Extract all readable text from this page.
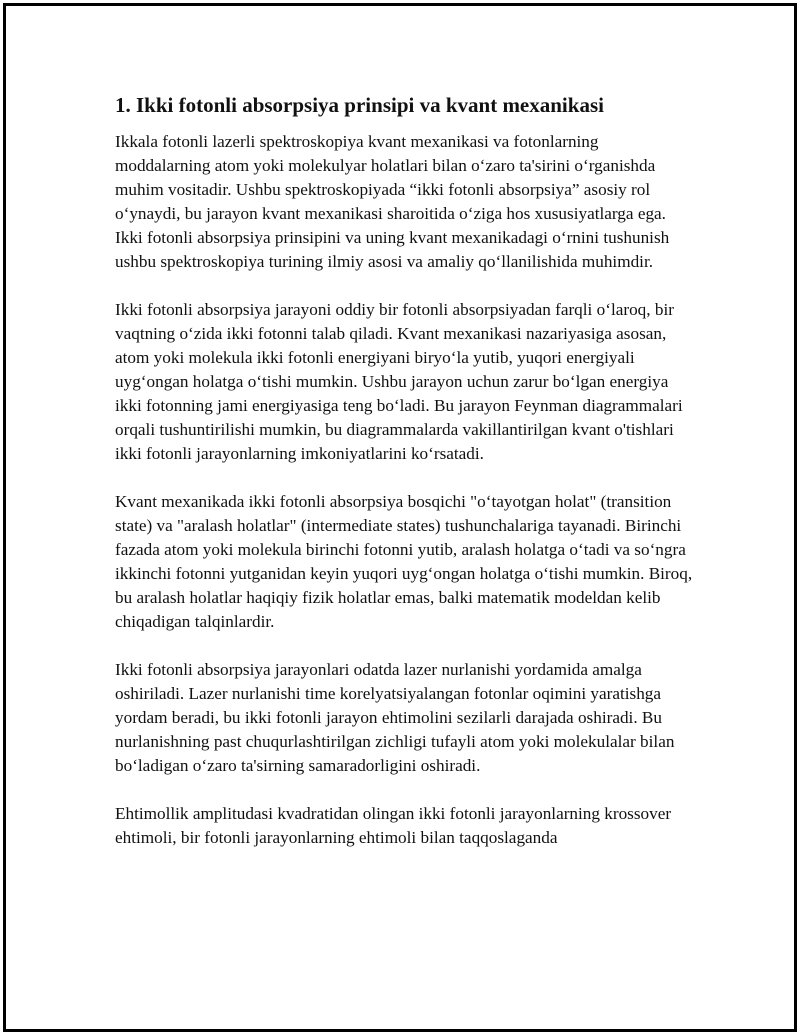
1. Ikki fotonli absorpsiya prinsipi va kvant mexanikasi

Ikkala fotonli lazerli spektroskopiya kvant mexanikasi va fotonlarning moddalarning atom yoki molekulyar holatlari bilan o‘zaro ta'sirini o‘rganishda muhim vositadir. Ushbu spektroskopiyada “ikki fotonli absorpsiya” asosiy rol o‘ynaydi, bu jarayon kvant mexanikasi sharoitida o‘ziga hos xususiyatlarga ega. Ikki fotonli absorpsiya prinsipini va uning kvant mexanikadagi o‘rnini tushunish ushbu spektroskopiya turining ilmiy asosi va amaliy qo‘llanilishida muhimdir.

Ikki fotonli absorpsiya jarayoni oddiy bir fotonli absorpsiyadan farqli o‘laroq, bir vaqtning o‘zida ikki fotonni talab qiladi. Kvant mexanikasi nazariyasiga asosan, atom yoki molekula ikki fotonli energiyani biryo‘la yutib, yuqori energiyali uyg‘ongan holatga o‘tishi mumkin. Ushbu jarayon uchun zarur bo‘lgan energiya ikki fotonning jami energiyasiga teng bo‘ladi. Bu jarayon Feynman diagrammalari orqali tushuntirilishi mumkin, bu diagrammalarda vakillantirilgan kvant o'tishlari ikki fotonli jarayonlarning imkoniyatlarini ko‘rsatadi.

Kvant mexanikada ikki fotonli absorpsiya bosqichi "o‘tayotgan holat" (transition state) va "aralash holatlar" (intermediate states) tushunchalariga tayanadi. Birinchi fazada atom yoki molekula birinchi fotonni yutib, aralash holatga o‘tadi va so‘ngra ikkinchi fotonni yutganidan keyin yuqori uyg‘ongan holatga o‘tishi mumkin. Biroq, bu aralash holatlar haqiqiy fizik holatlar emas, balki matematik modeldan kelib chiqadigan talqinlardir.

Ikki fotonli absorpsiya jarayonlari odatda lazer nurlanishi yordamida amalga oshiriladi. Lazer nurlanishi time korelyatsiyalangan fotonlar oqimini yaratishga yordam beradi, bu ikki fotonli jarayon ehtimolini sezilarli darajada oshiradi. Bu nurlanishning past chuqurlashtirilgan zichligi tufayli atom yoki molekulalar bilan bo‘ladigan o‘zaro ta'sirning samaradorligini oshiradi.

Ehtimollik amplitudasi kvadratidan olingan ikki fotonli jarayonlarning krossover ehtimoli, bir fotonli jarayonlarning ehtimoli bilan taqqoslaganda
